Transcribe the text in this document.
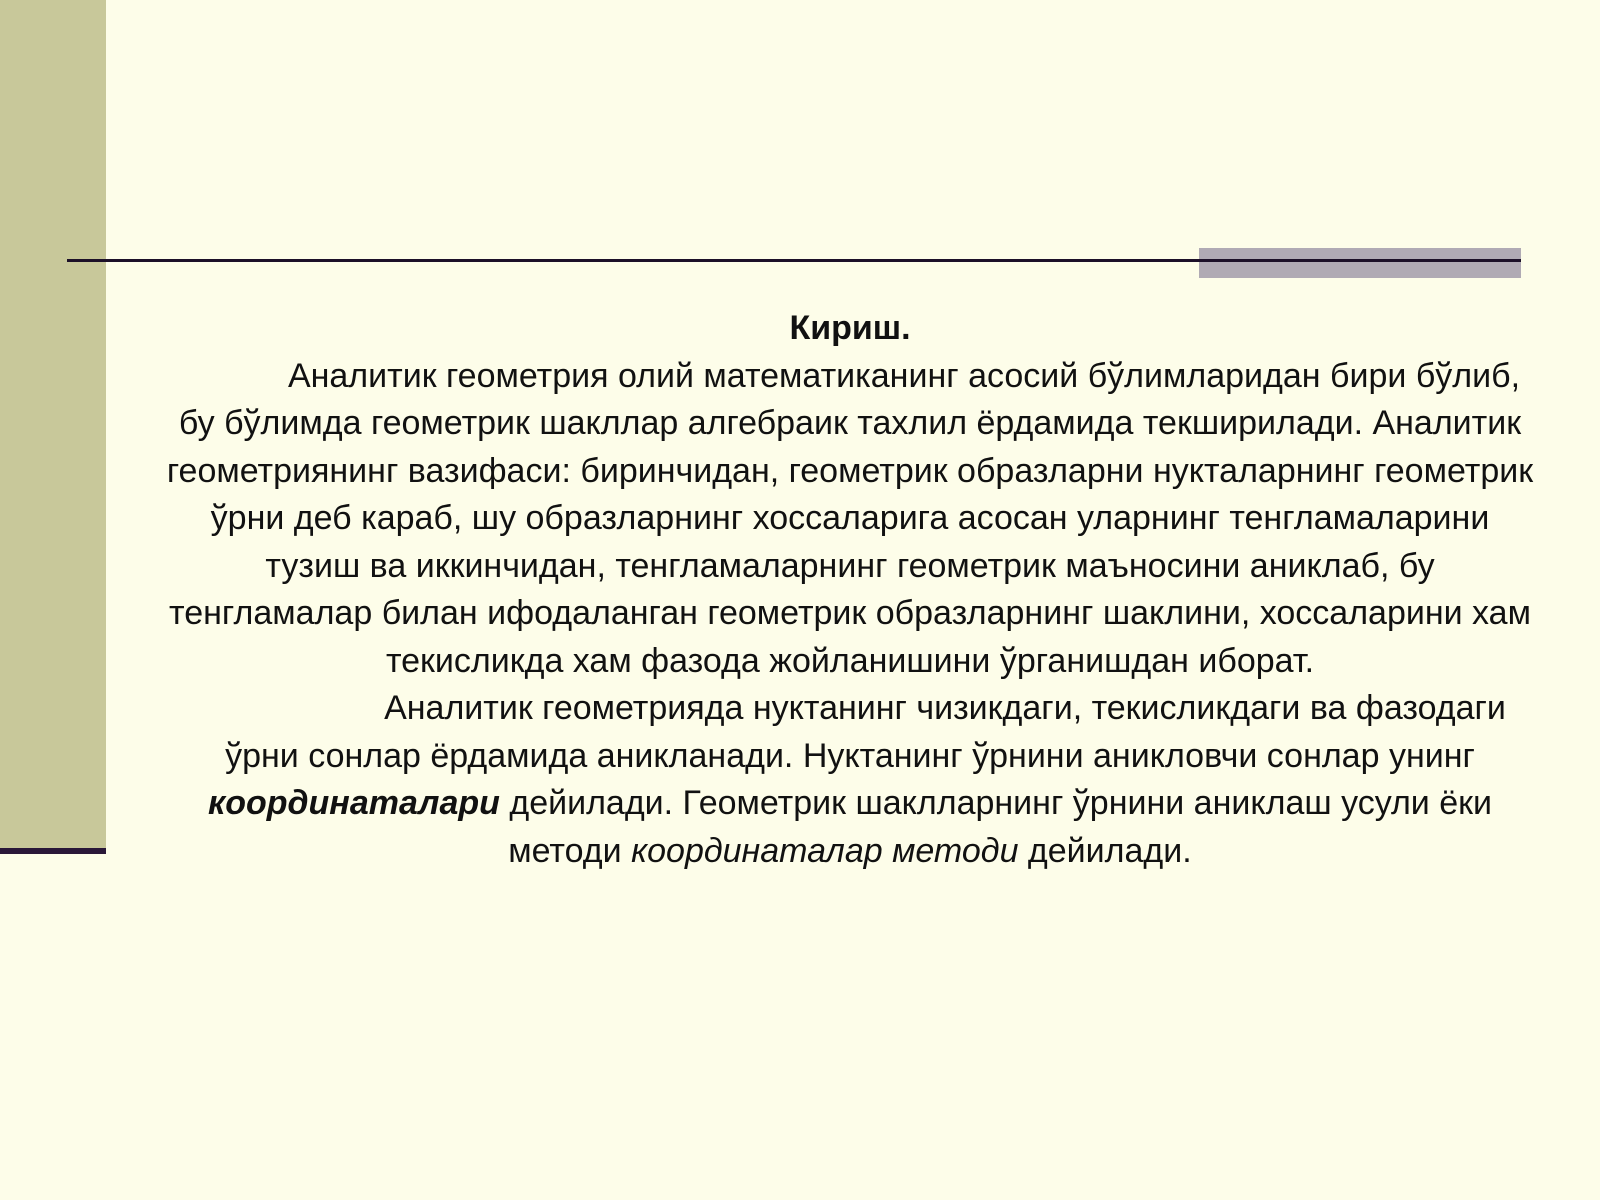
Кириш.

Аналитик геометрия олий математиканинг асосий бўлимларидан бири бўлиб, бу бўлимда геометрик шакллар алгебраик тахлил ёрдамида текширилади. Аналитик геометриянинг вазифаси: биринчидан, геометрик образларни нукталарнинг геометрик ўрни деб караб, шу образларнинг хоссаларига асосан уларнинг тенгламаларини тузиш ва иккинчидан, тенгламаларнинг геометрик маъносини аниклаб, бу тенгламалар билан ифодаланган геометрик образларнинг шаклини, хоссаларини хам текисликда хам фазода жойланишини ўрганишдан иборат.

Аналитик геометрияда нуктанинг чизикдаги, текисликдаги ва фазодаги ўрни сонлар ёрдамида аникланади. Нуктанинг ўрнини аникловчи сонлар унинг координаталари дейилади. Геометрик шаклларнинг ўрнини аниклаш усули ёки методи координаталар методи дейилади.
